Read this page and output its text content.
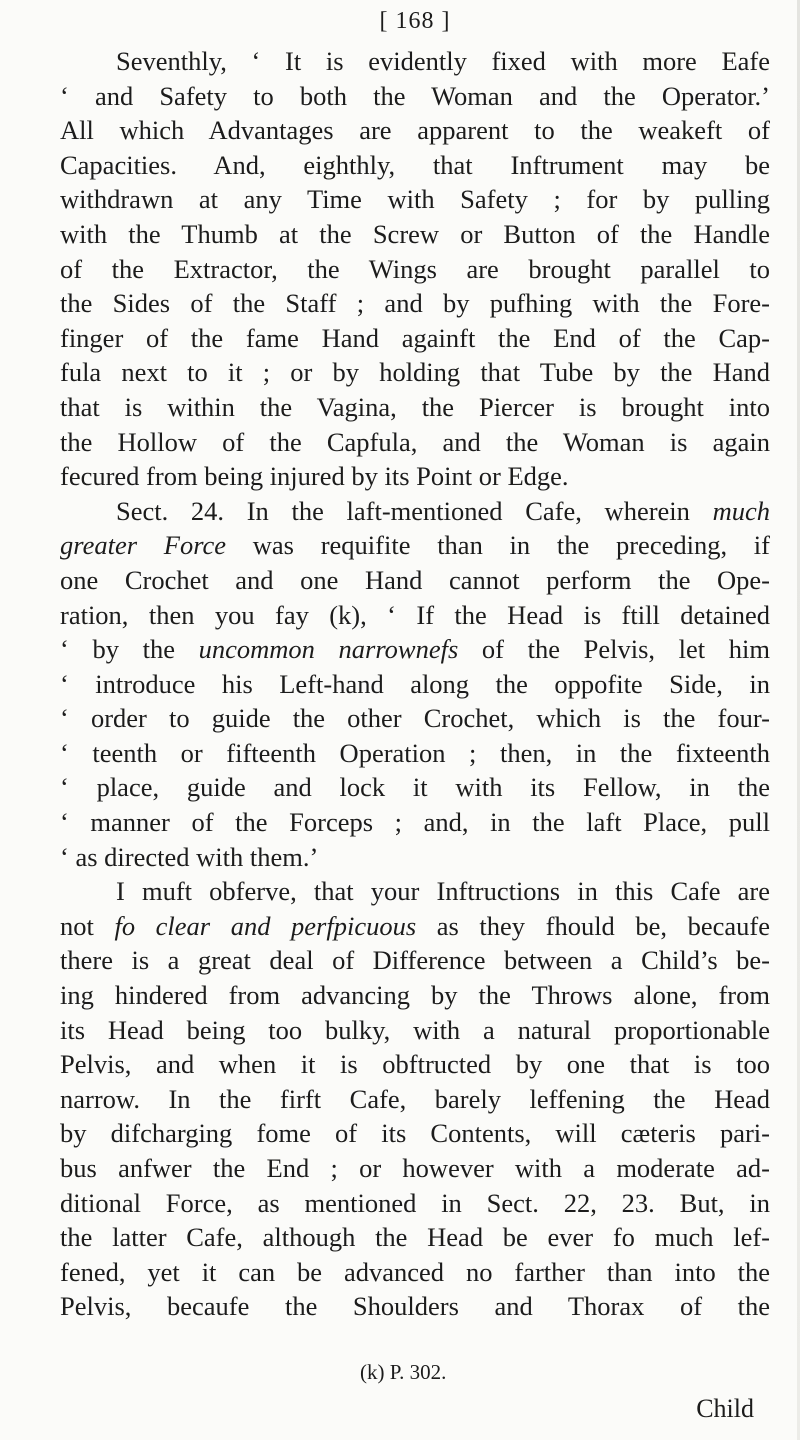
[ 168 ]
Seventhly, ‘ It is evidently fixed with more Eafe
‘ and Safety to both the Woman and the Operator.’
All which Advantages are apparent to the weakeft of
Capacities. And, eighthly, that Inftrument may be
withdrawn at any Time with Safety ; for by pulling
with the Thumb at the Screw or Button of the Handle
of the Extractor, the Wings are brought parallel to
the Sides of the Staff ; and by pufhing with the Fore-
finger of the fame Hand againft the End of the Cap-
fula next to it ; or by holding that Tube by the Hand
that is within the Vagina, the Piercer is brought into
the Hollow of the Capfula, and the Woman is again
fecured from being injured by its Point or Edge.
Sect. 24. In the laft-mentioned Cafe, wherein much
greater Force was requifite than in the preceding, if
one Crochet and one Hand cannot perform the Ope-
ration, then you fay (k), ‘ If the Head is ftill detained
‘ by the uncommon narrownefs of the Pelvis, let him
‘ introduce his Left-hand along the oppofite Side, in
‘ order to guide the other Crochet, which is the four-
‘ teenth or fifteenth Operation ; then, in the fixteenth
‘ place, guide and lock it with its Fellow, in the
‘ manner of the Forceps ; and, in the laft Place, pull
‘ as directed with them.’
I muft obferve, that your Inftructions in this Cafe are
not fo clear and perfpicuous as they fhould be, becaufe
there is a great deal of Difference between a Child’s be-
ing hindered from advancing by the Throws alone, from
its Head being too bulky, with a natural proportionable
Pelvis, and when it is obftructed by one that is too
narrow. In the firft Cafe, barely leffening the Head
by difcharging fome of its Contents, will cæteris pari-
bus anfwer the End ; or however with a moderate ad-
ditional Force, as mentioned in Sect. 22, 23. But, in
the latter Cafe, although the Head be ever fo much lef-
fened, yet it can be advanced no farther than into the
Pelvis, becaufe the Shoulders and Thorax of the
(k) P. 302.
Child
